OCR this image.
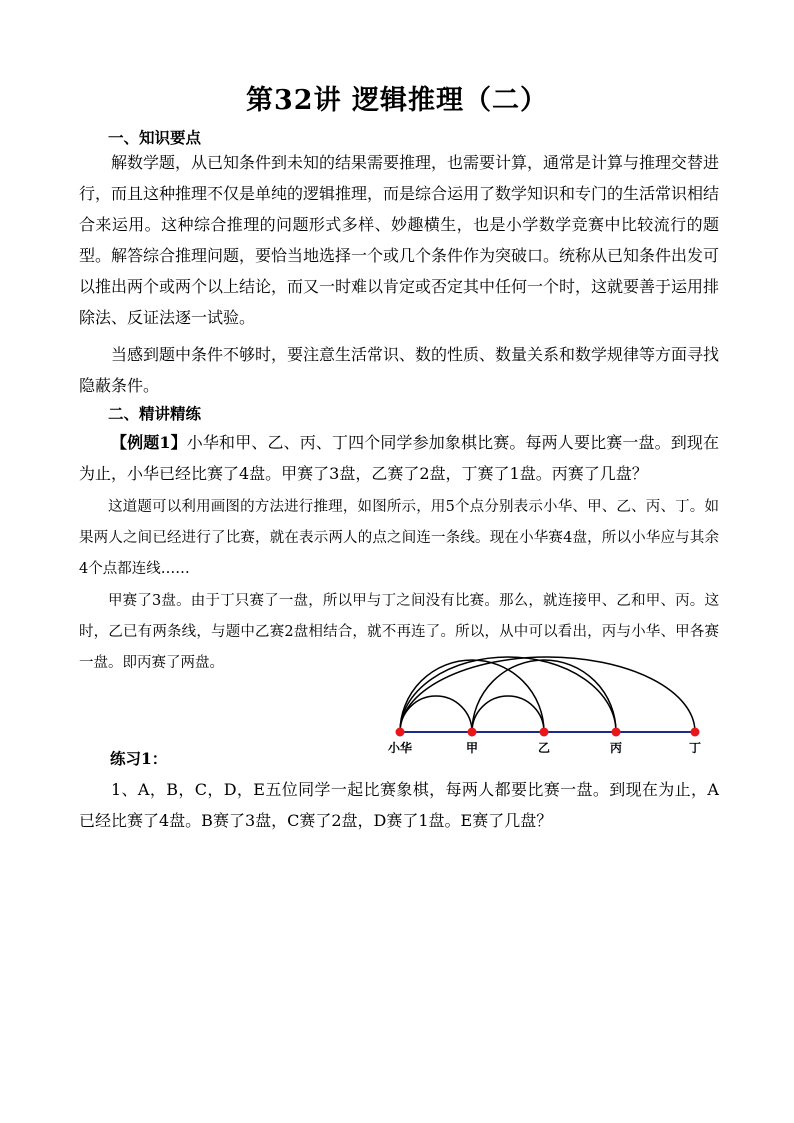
第32讲 逻辑推理（二）
一、知识要点

解数学题，从已知条件到未知的结果需要推理，也需要计算，通常是计算与推理交替进行，而且这种推理不仅是单纯的逻辑推理，而是综合运用了数学知识和专门的生活常识相结合来运用。这种综合推理的问题形式多样、妙趣横生，也是小学数学竞赛中比较流行的题型。 解答综合推理问题，要恰当地选择一个或几个条件作为突破口。统称从已知条件出发可以推出两个或两个以上结论，而又一时难以肯定或否定其中任何一个时，这就要善于运用排除法、反证法逐一试验。

当感到题中条件不够时，要注意生活常识、数的性质、数量关系和数学规律等方面寻找隐蔽条件。

二、精讲精练

【例题1】小华和甲、乙、丙、丁四个同学参加象棋比赛。每两人要比赛一盘。到现在为止，小华已经比赛了4盘。甲赛了3盘，乙赛了2盘，丁赛了1盘。丙赛了几盘？

这道题可以利用画图的方法进行推理，如图所示，用5个点分别表示小华、甲、乙、丙、丁。如果两人之间已经进行了比赛，就在表示两人的点之间连一条线。现在小华赛4盘，所以小华应与其余4个点都连线……

甲赛了3盘。由于丁只赛了一盘，所以甲与丁之间没有比赛。那么，就连接甲、乙和甲、丙。这时，乙已有两条线，与题中乙赛2盘相结合，就不再连了。所以，从中可以看出，丙与小华、甲各赛一盘。即丙赛了两盘。

小华	甲	乙	丙	丁
练习1：

1、A，B，C，D，E五位同学一起比赛象棋，每两人都要比赛一盘。到现在为止，A已经比赛了4盘。B赛了3盘，C赛了2盘，D赛了1盘。E赛了几盘？
